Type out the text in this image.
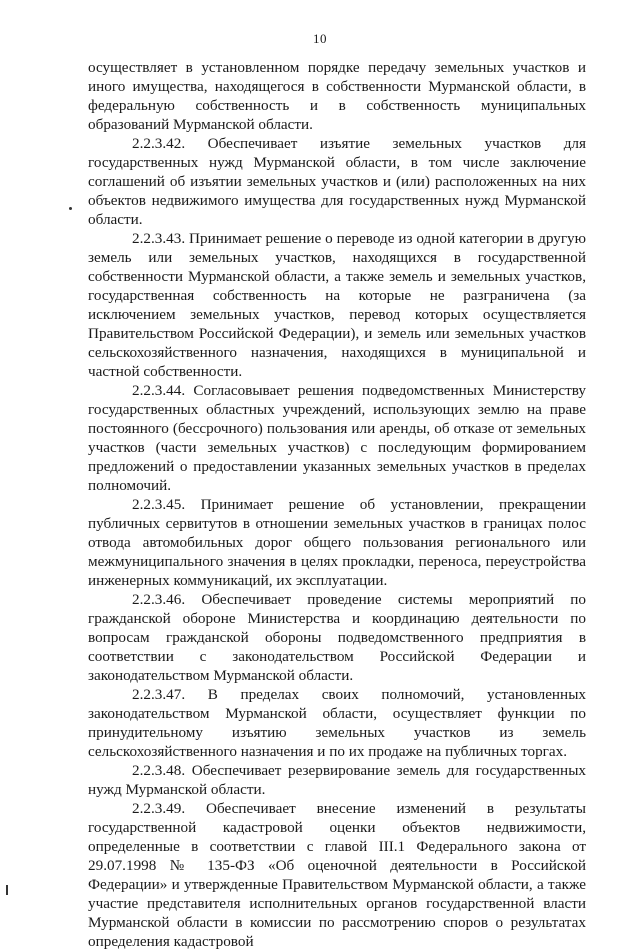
10

осуществляет в установленном порядке передачу земельных участков и иного имущества, находящегося в собственности Мурманской области, в федеральную собственность и в собственность муниципальных образований Мурманской области.

2.2.3.42. Обеспечивает изъятие земельных участков для государственных нужд Мурманской области, в том числе заключение соглашений об изъятии земельных участков и (или) расположенных на них объектов недвижимого имущества для государственных нужд Мурманской области.

2.2.3.43. Принимает решение о переводе из одной категории в другую земель или земельных участков, находящихся в государственной собственности Мурманской области, а также земель и земельных участков, государственная собственность на которые не разграничена (за исключением земельных участков, перевод которых осуществляется Правительством Российской Федерации), и земель или земельных участков сельскохозяйственного назначения, находящихся в муниципальной и частной собственности.

2.2.3.44. Согласовывает решения подведомственных Министерству государственных областных учреждений, использующих землю на праве постоянного (бессрочного) пользования или аренды, об отказе от земельных участков (части земельных участков) с последующим формированием предложений о предоставлении указанных земельных участков в пределах полномочий.

2.2.3.45. Принимает решение об установлении, прекращении публичных сервитутов в отношении земельных участков в границах полос отвода автомобильных дорог общего пользования регионального или межмуниципального значения в целях прокладки, переноса, переустройства инженерных коммуникаций, их эксплуатации.

2.2.3.46. Обеспечивает проведение системы мероприятий по гражданской обороне Министерства и координацию деятельности по вопросам гражданской обороны подведомственного предприятия в соответствии с законодательством Российской Федерации и законодательством Мурманской области.

2.2.3.47. В пределах своих полномочий, установленных законодательством Мурманской области, осуществляет функции по принудительному изъятию земельных участков из земель сельскохозяйственного назначения и по их продаже на публичных торгах.

2.2.3.48. Обеспечивает резервирование земель для государственных нужд Мурманской области.

2.2.3.49. Обеспечивает внесение изменений в результаты государственной кадастровой оценки объектов недвижимости, определенные в соответствии с главой III.1 Федерального закона от 29.07.1998 № 135-ФЗ «Об оценочной деятельности в Российской Федерации» и утвержденные Правительством Мурманской области, а также участие представителя исполнительных органов государственной власти Мурманской области в комиссии по рассмотрению споров о результатах определения кадастровой
